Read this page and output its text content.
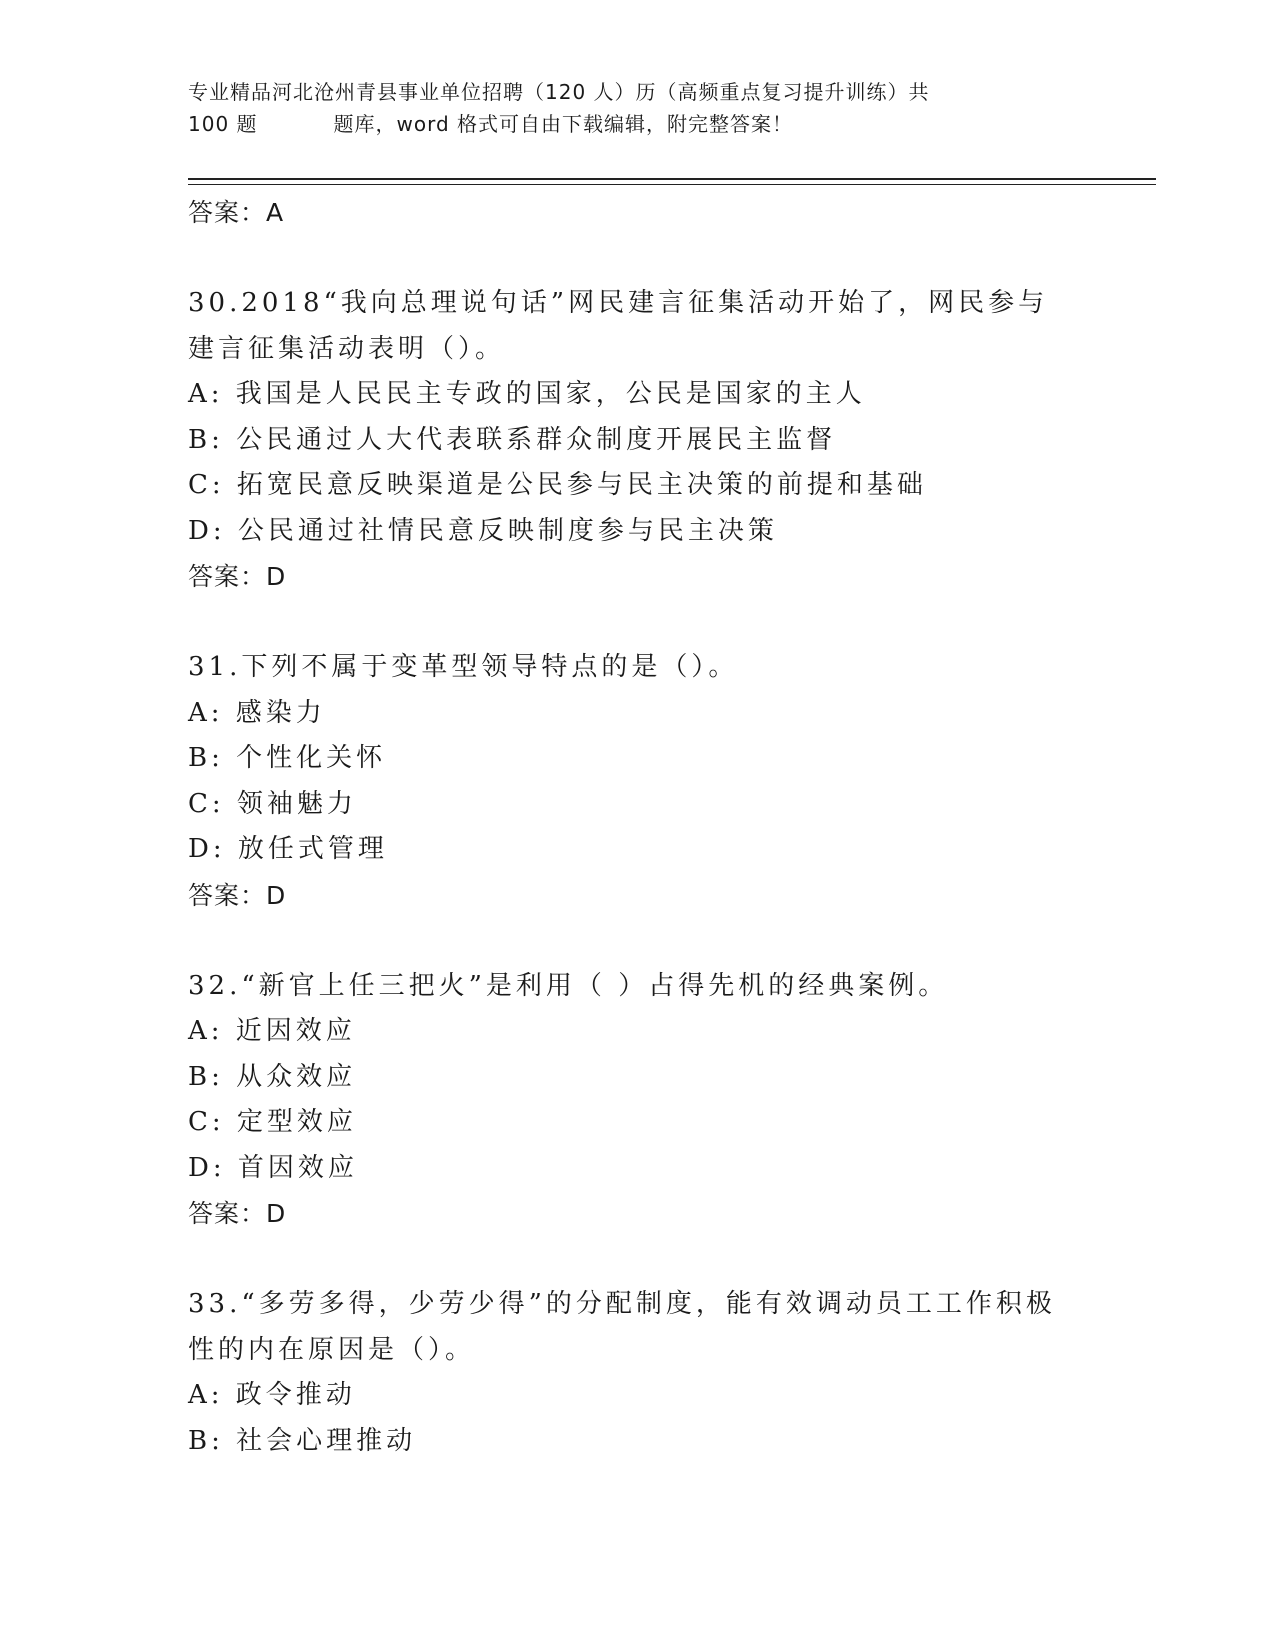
专业精品河北沧州青县事业单位招聘（120 人）历（高频重点复习提升训练）共
100 题	题库，word 格式可自由下载编辑，附完整答案！
答案：A
30.2018“我向总理说句话”网民建言征集活动开始了，网民参与建言征集活动表明（）。
A: 我国是人民民主专政的国家，公民是国家的主人
B: 公民通过人大代表联系群众制度开展民主监督
C: 拓宽民意反映渠道是公民参与民主决策的前提和基础
D: 公民通过社情民意反映制度参与民主决策
答案：D
31.下列不属于变革型领导特点的是（）。
A: 感染力
B: 个性化关怀
C: 领袖魅力
D: 放任式管理
答案：D
32.“新官上任三把火”是利用（ ）占得先机的经典案例。
A: 近因效应
B: 从众效应
C: 定型效应
D: 首因效应
答案：D
33.“多劳多得，少劳少得”的分配制度，能有效调动员工工作积极性的内在原因是（）。
A: 政令推动
B: 社会心理推动
